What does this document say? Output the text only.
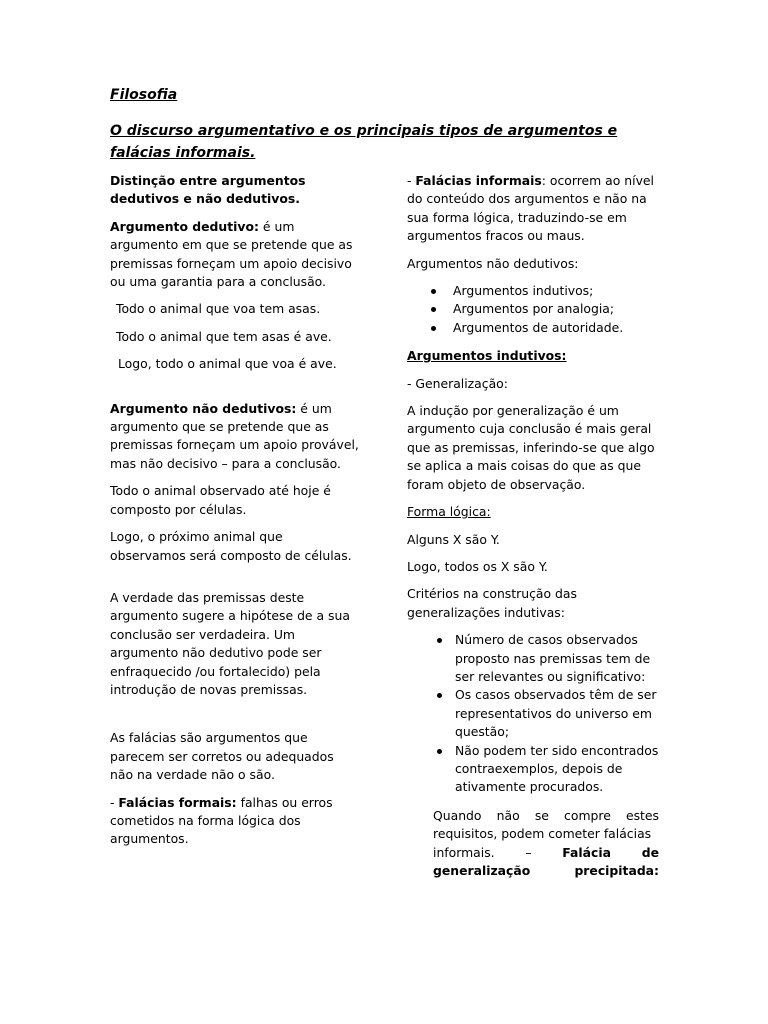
Filosofia

O discurso argumentativo e os principais tipos de argumentos e falácias informais.

Distinção entre argumentos dedutivos e não dedutivos.

Argumento dedutivo: é um argumento em que se pretende que as premissas forneçam um apoio decisivo ou uma garantia para a conclusão.

Todo o animal que voa tem asas.

Todo o animal que tem asas é ave.

Logo, todo o animal que voa é ave.

Argumento não dedutivos: é um argumento que se pretende que as premissas forneçam um apoio provável, mas não decisivo – para a conclusão.

Todo o animal observado até hoje é composto por células.

Logo, o próximo animal que observamos será composto de células.

A verdade das premissas deste argumento sugere a hipótese de a sua conclusão ser verdadeira. Um argumento não dedutivo pode ser enfraquecido /ou fortalecido) pela introdução de novas premissas.

As falácias são argumentos que parecem ser corretos ou adequados não na verdade não o são.

- Falácias formais: falhas ou erros cometidos na forma lógica dos argumentos.

- Falácias informais: ocorrem ao nível do conteúdo dos argumentos e não na sua forma lógica, traduzindo-se em argumentos fracos ou maus.

Argumentos não dedutivos:

Argumentos indutivos;
Argumentos por analogia;
Argumentos de autoridade.

Argumentos indutivos:

- Generalização:

A indução por generalização é um argumento cuja conclusão é mais geral que as premissas, inferindo-se que algo se aplica a mais coisas do que as que foram objeto de observação.

Forma lógica:

Alguns X são Y.

Logo, todos os X são Y.

Critérios na construção das generalizações indutivas:

Número de casos observados proposto nas premissas tem de ser relevantes ou significativo:
Os casos observados têm de ser representativos do universo em questão;
Não podem ter sido encontrados contraexemplos, depois de ativamente procurados.
Quando não se compre estes
requisitos, podem cometer falácias
informais. – Falácia de
generalização	precipitada:
